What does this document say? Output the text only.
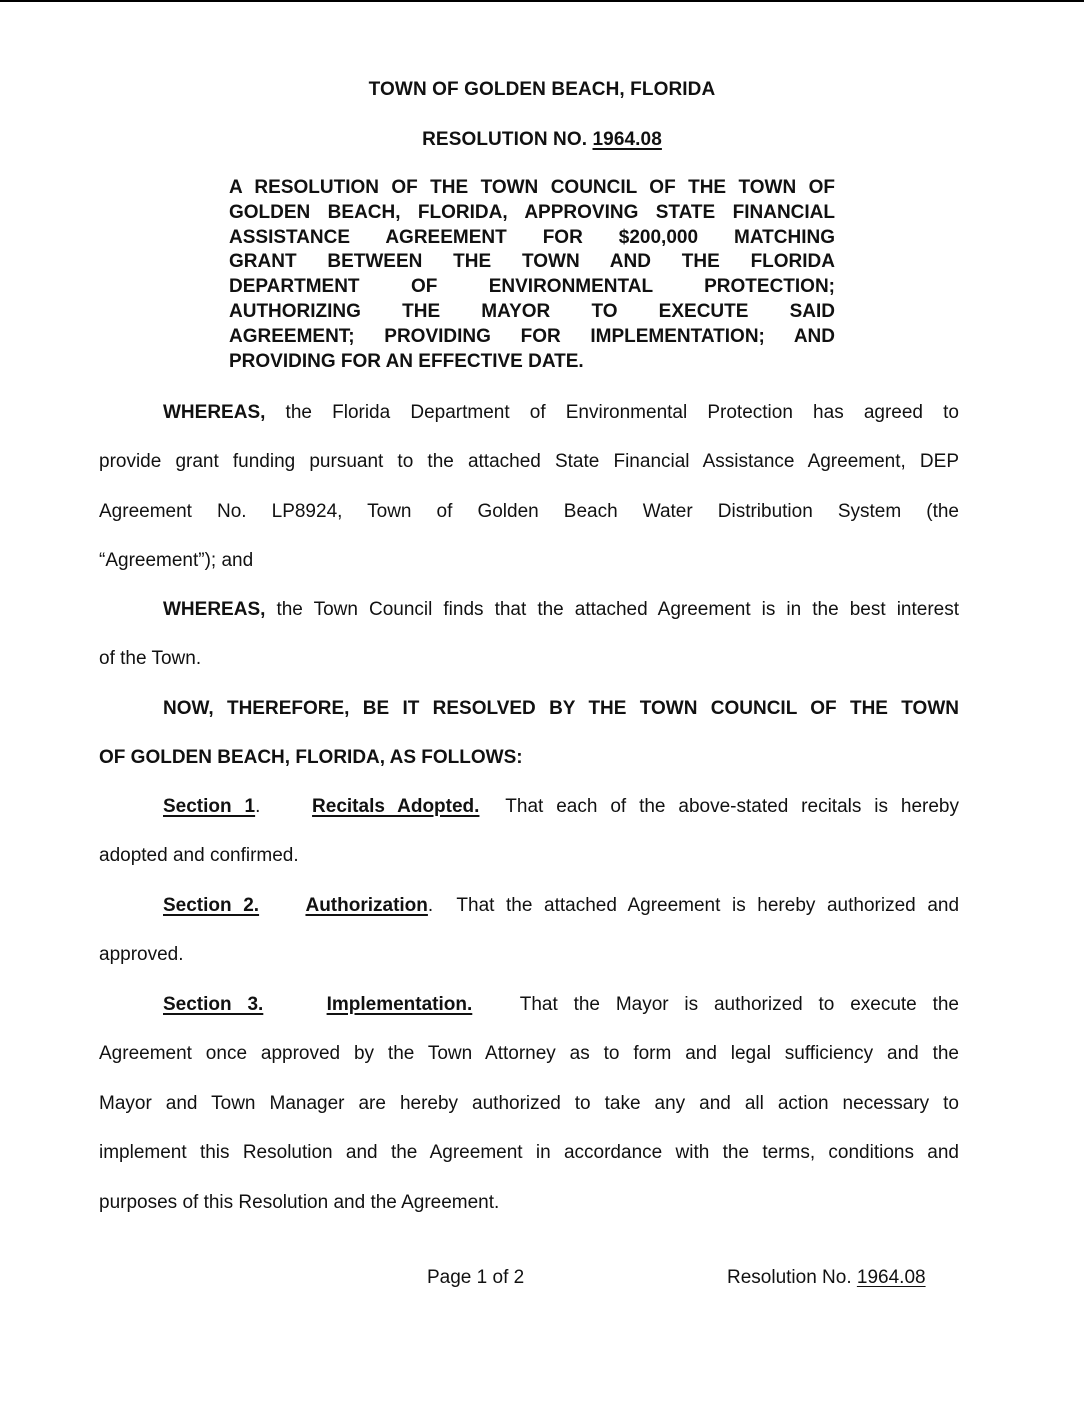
TOWN OF GOLDEN BEACH, FLORIDA
RESOLUTION NO. 1964.08
A RESOLUTION OF THE TOWN COUNCIL OF THE TOWN OF
GOLDEN BEACH, FLORIDA, APPROVING STATE FINANCIAL
ASSISTANCE AGREEMENT FOR $200,000 MATCHING
GRANT BETWEEN THE TOWN AND THE FLORIDA
DEPARTMENT OF ENVIRONMENTAL PROTECTION;
AUTHORIZING THE MAYOR TO EXECUTE SAID
AGREEMENT; PROVIDING FOR IMPLEMENTATION; AND
PROVIDING FOR AN EFFECTIVE DATE.
WHEREAS, the Florida Department of Environmental Protection has agreed to
provide grant funding pursuant to the attached State Financial Assistance Agreement, DEP
Agreement No. LP8924, Town of Golden Beach Water Distribution System (the
“Agreement”); and
WHEREAS, the Town Council finds that the attached Agreement is in the best interest
of the Town.
NOW, THEREFORE, BE IT RESOLVED BY THE TOWN COUNCIL OF THE TOWN
OF GOLDEN BEACH, FLORIDA, AS FOLLOWS:
Section 1.	Recitals Adopted. That each of the above-stated recitals is hereby
adopted and confirmed.
Section 2. Authorization. That the attached Agreement is hereby authorized and
approved.
Section 3.	Implementation. That the Mayor is authorized to execute the
Agreement once approved by the Town Attorney as to form and legal sufficiency and the
Mayor and Town Manager are hereby authorized to take any and all action necessary to
implement this Resolution and the Agreement in accordance with the terms, conditions and
purposes of this Resolution and the Agreement.
Page 1 of 2	Resolution No. 1964.08
